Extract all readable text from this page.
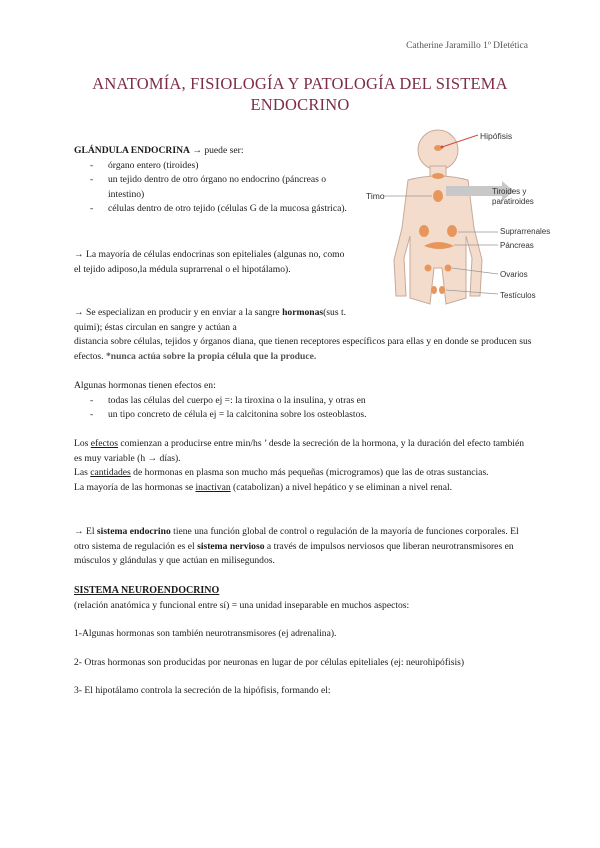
Catherine Jaramillo 1º DIetética
ANATOMÍA, FISIOLOGÍA Y PATOLOGÍA DEL SISTEMA
ENDOCRINO
GLÁNDULA ENDOCRINA → puede ser:
- órgano entero (tiroides)
- un tejido dentro de otro órgano no endocrino (páncreas o intestino)
- células dentro de otro tejido (células G de la mucosa gástrica).
→ La mayoría de células endocrinas son epiteliales (algunas no, como el tejido adiposo,la médula suprarrenal o el hipotálamo).
→ Se especializan en producir y en enviar a la sangre hormonas(sus t. quimi); éstas circulan en sangre y actúan a
distancia sobre células, tejidos y órganos diana, que tienen receptores específicos para ellas y en donde se producen sus efectos. *nunca actúa sobre la propia célula que la produce.
Algunas hormonas tienen efectos en:
- todas las células del cuerpo ej =: la tiroxina o la insulina, y otras en
- un tipo concreto de célula ej = la calcitonina sobre los osteoblastos.
Los efectos comienzan a producirse entre min/hs ’ desde la secreción de la hormona, y la duración del efecto también es muy variable (h → días).
Las cantidades de hormonas en plasma son mucho más pequeñas (microgramos) que las de otras sustancias.
La mayoría de las hormonas se inactivan (catabolizan) a nivel hepático y se eliminan a nivel renal.
→ El sistema endocrino tiene una función global de control o regulación de la mayoría de funciones corporales. El otro sistema de regulación es el sistema nervioso a través de impulsos nerviosos que liberan neurotransmisores en músculos y glándulas y que actúan en milisegundos.
SISTEMA NEUROENDOCRINO
(relación anatómica y funcional entre sí) = una unidad inseparable en muchos aspectos:
1-Algunas hormonas son también neurotransmisores (ej adrenalina).
2- Otras hormonas son producidas por neuronas en lugar de por células epiteliales (ej: neurohipófisis)
3- El hipotálamo controla la secreción de la hipófisis, formando el:
Hipófisis
Timo	Tiroides y
paratiroides
Suprarrenales
Páncreas
Ovarios
Testículos
